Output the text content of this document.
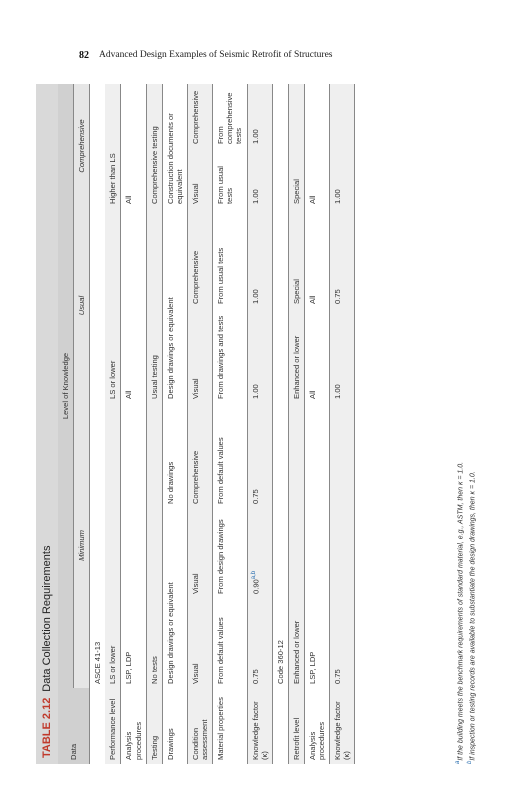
82 Advanced Design Examples of Seismic Retrofit of Structures
TABLE 2.12Data Collection Requirements
Data	Level of Knowledge						
	Minimum			Usual		Comprehensive	
	ASCE 41-13						
Performance level	LS or lower			LS or lower		Higher than LS	
Analysis procedures	LSP, LDP			All		All	
Testing	No tests			Usual testing		Comprehensive testing	
Drawings	Design drawings or equivalent		No drawings	Design drawings or equivalent		Construction documents or equivalent	
Condition assessment	Visual	Visual	Comprehensive	Visual	Comprehensive	Visual	Comprehensive
Material properties	From default values	From design drawings	From default values	From drawings and tests	From usual tests	From usual tests	From comprehensive tests
Knowledge factor (κ)	0.75	0.90$^{a,b}$	0.75	1.00	1.00	1.00	1.00
	Code 360-12						
Retrofit level	Enhanced or lower			Enhanced or lower	Special	Special	
Analysis procedures	LSP, LDP			All	All	All	
Knowledge factor (κ)	0.75			1.00	0.75	1.00	
$^a$If the building meets the benchmark requirements of standard material, e.g., ASTM, then κ = 1.0.
$^b$If inspection or testing records are available to substantiate the design drawings, then κ = 1.0.
